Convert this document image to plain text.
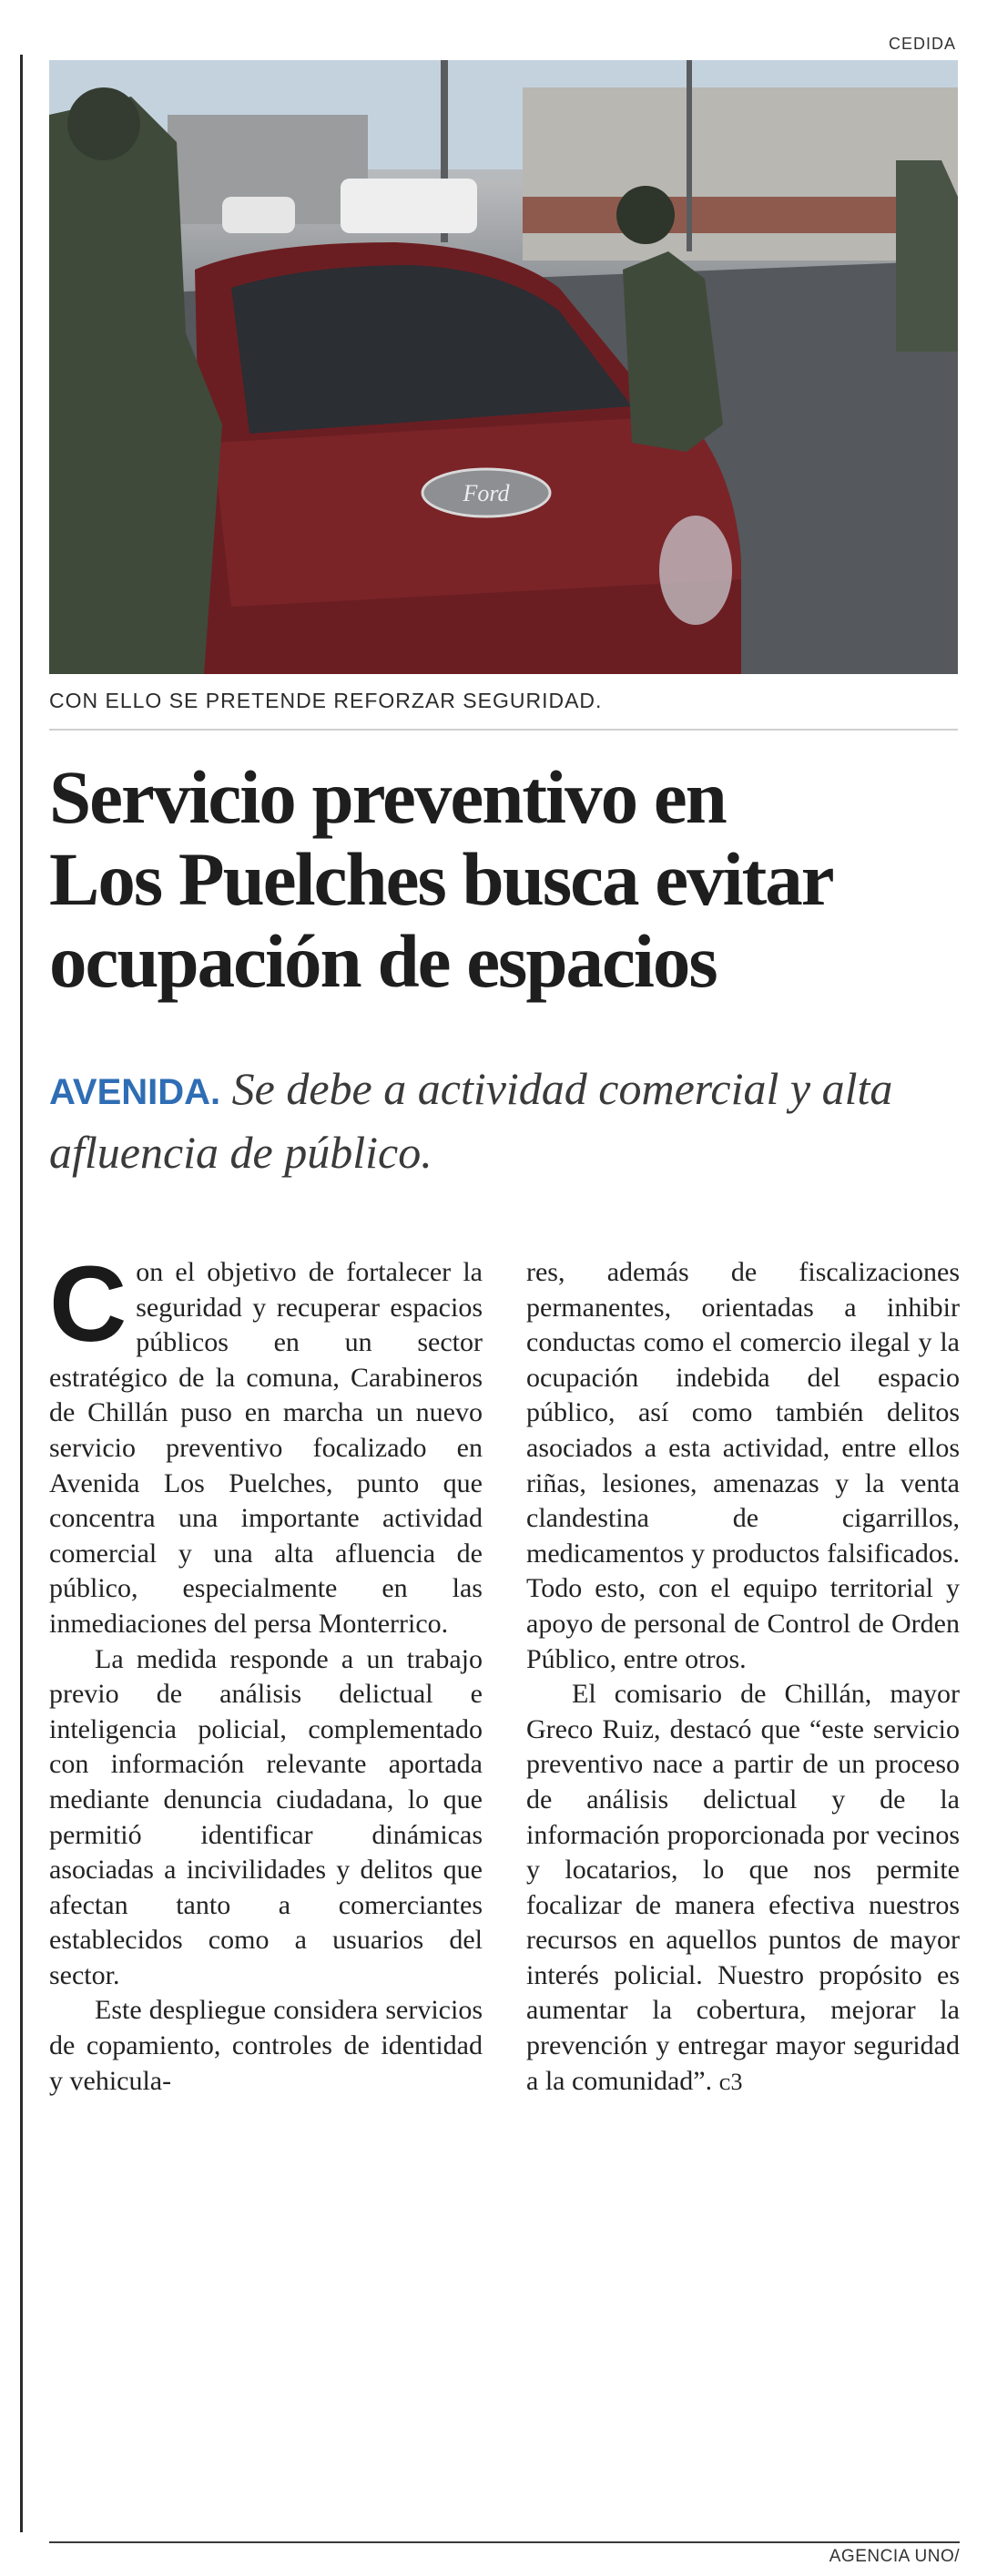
CEDIDA
Ford
CON ELLO SE PRETENDE REFORZAR SEGURIDAD.
Servicio preventivo en
Los Puelches busca evitar
ocupación de espacios

AVENIDA. Se debe a actividad comercial y alta afluencia de público.

Con el objetivo de fortalecer la seguridad y recuperar espacios públicos en un sector estratégico de la comuna, Carabineros de Chillán puso en marcha un nuevo servicio preventivo focalizado en Avenida Los Puelches, punto que concentra una importante actividad comercial y una alta afluencia de público, especialmente en las inmediaciones del persa Monterrico.

La medida responde a un trabajo previo de análisis delictual e inteligencia policial, complementado con información relevante aportada mediante denuncia ciudadana, lo que permitió identificar dinámicas asociadas a incivilidades y delitos que afectan tanto a comerciantes establecidos como a usuarios del sector.

Este despliegue considera servicios de copamiento, controles de identidad y vehicula-

res, además de fiscalizaciones permanentes, orientadas a inhibir conductas como el comercio ilegal y la ocupación indebida del espacio público, así como también delitos asociados a esta actividad, entre ellos riñas, lesiones, amenazas y la venta clandestina de cigarrillos, medicamentos y productos falsificados. Todo esto, con el equipo territorial y apoyo de personal de Control de Orden Público, entre otros.

El comisario de Chillán, mayor Greco Ruiz, destacó que “este servicio preventivo nace a partir de un proceso de análisis delictual y de la información proporcionada por vecinos y locatarios, lo que nos permite focalizar de manera efectiva nuestros recursos en aquellos puntos de mayor interés policial. Nuestro propósito es aumentar la cobertura, mejorar la prevención y entregar mayor seguridad a la comunidad”. ᴄ3

AGENCIA UNO/
